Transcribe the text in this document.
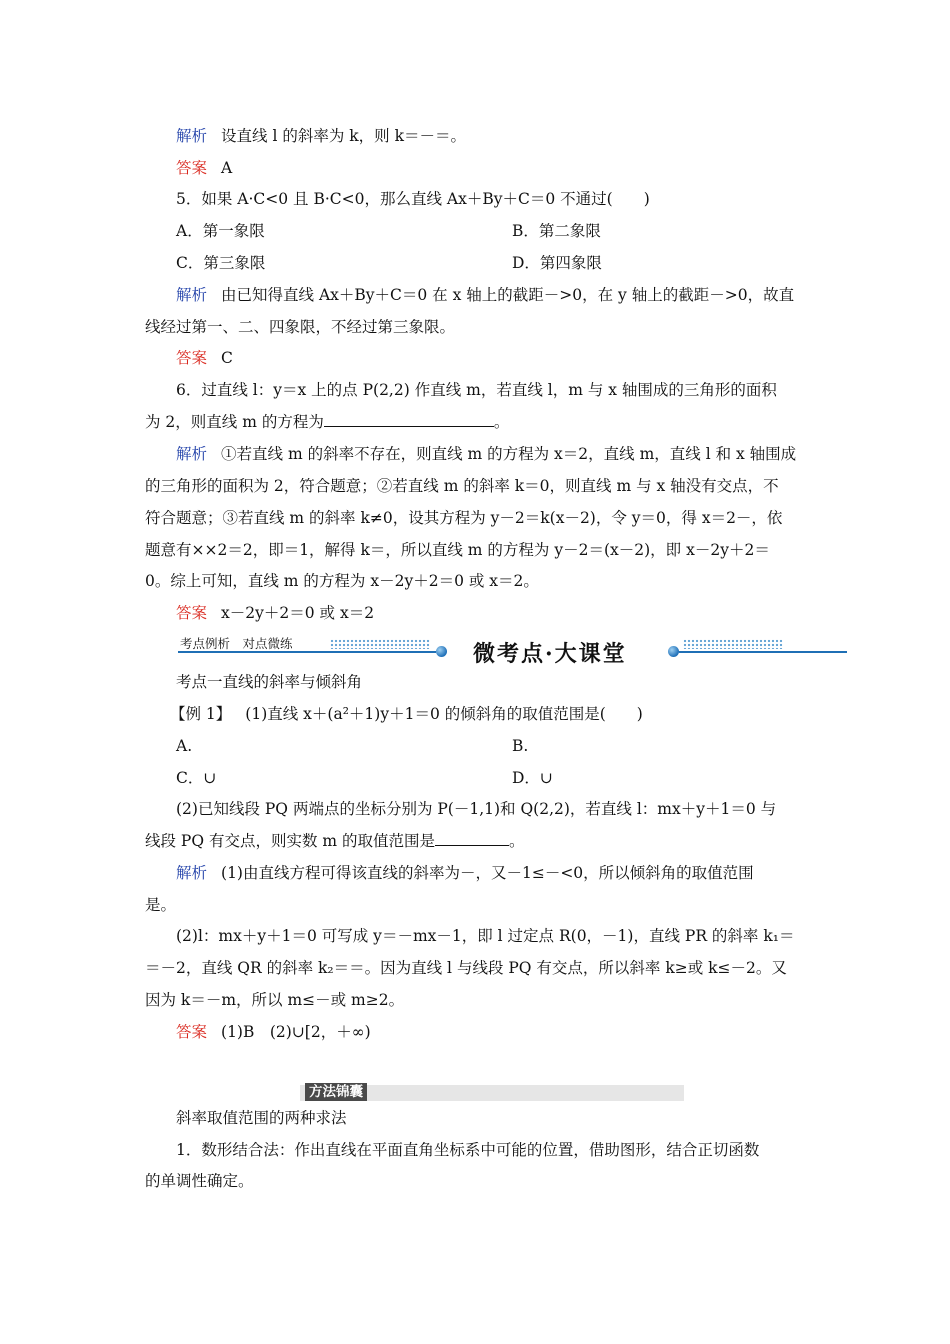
解析 设直线 l 的斜率为 k，则 k＝－＝。
答案 A
5．如果 A·C<0 且 B·C<0，那么直线 Ax＋By＋C＝0 不通过(　　)
A．第一象限	B．第二象限
C．第三象限	D．第四象限
解析 由已知得直线 Ax＋By＋C＝0 在 x 轴上的截距－>0，在 y 轴上的截距－>0，故直
线经过第一、二、四象限，不经过第三象限。
答案 C
6．过直线 l：y＝x 上的点 P(2,2) 作直线 m，若直线 l，m 与 x 轴围成的三角形的面积
为 2，则直线 m 的方程为	。
解析 ①若直线 m 的斜率不存在，则直线 m 的方程为 x＝2，直线 m，直线 l 和 x 轴围成
的三角形的面积为 2，符合题意；②若直线 m 的斜率 k＝0，则直线 m 与 x 轴没有交点，不
符合题意；③若直线 m 的斜率 k≠0，设其方程为 y－2＝k(x－2)，令 y＝0，得 x＝2－，依
题意有××2＝2，即＝1，解得 k＝，所以直线 m 的方程为 y－2＝(x－2)，即 x－2y＋2＝
0。综上可知，直线 m 的方程为 x－2y＋2＝0 或 x＝2。
答案 x－2y＋2＝0 或 x＝2
考点例析　对点微练	微考点·大课堂
考点一直线的斜率与倾斜角
【例 1】 (1)直线 x＋(a²＋1)y＋1＝0 的倾斜角的取值范围是(　　)
A.	B.
C．∪	D．∪
(2)已知线段 PQ 两端点的坐标分别为 P(－1,1)和 Q(2,2)，若直线 l：mx＋y＋1＝0 与
线段 PQ 有交点，则实数 m 的取值范围是	。
解析 (1)由直线方程可得该直线的斜率为－，又－1≤－<0，所以倾斜角的取值范围
是。
(2)l：mx＋y＋1＝0 可写成 y＝－mx－1，即 l 过定点 R(0，－1)，直线 PR 的斜率 k₁＝
＝－2，直线 QR 的斜率 k₂＝＝。因为直线 l 与线段 PQ 有交点，所以斜率 k≥或 k≤－2。又
因为 k＝－m，所以 m≤－或 m≥2。
答案 (1)B　(2)∪[2，＋∞)
方法锦囊
斜率取值范围的两种求法
1．数形结合法：作出直线在平面直角坐标系中可能的位置，借助图形，结合正切函数
的单调性确定。
